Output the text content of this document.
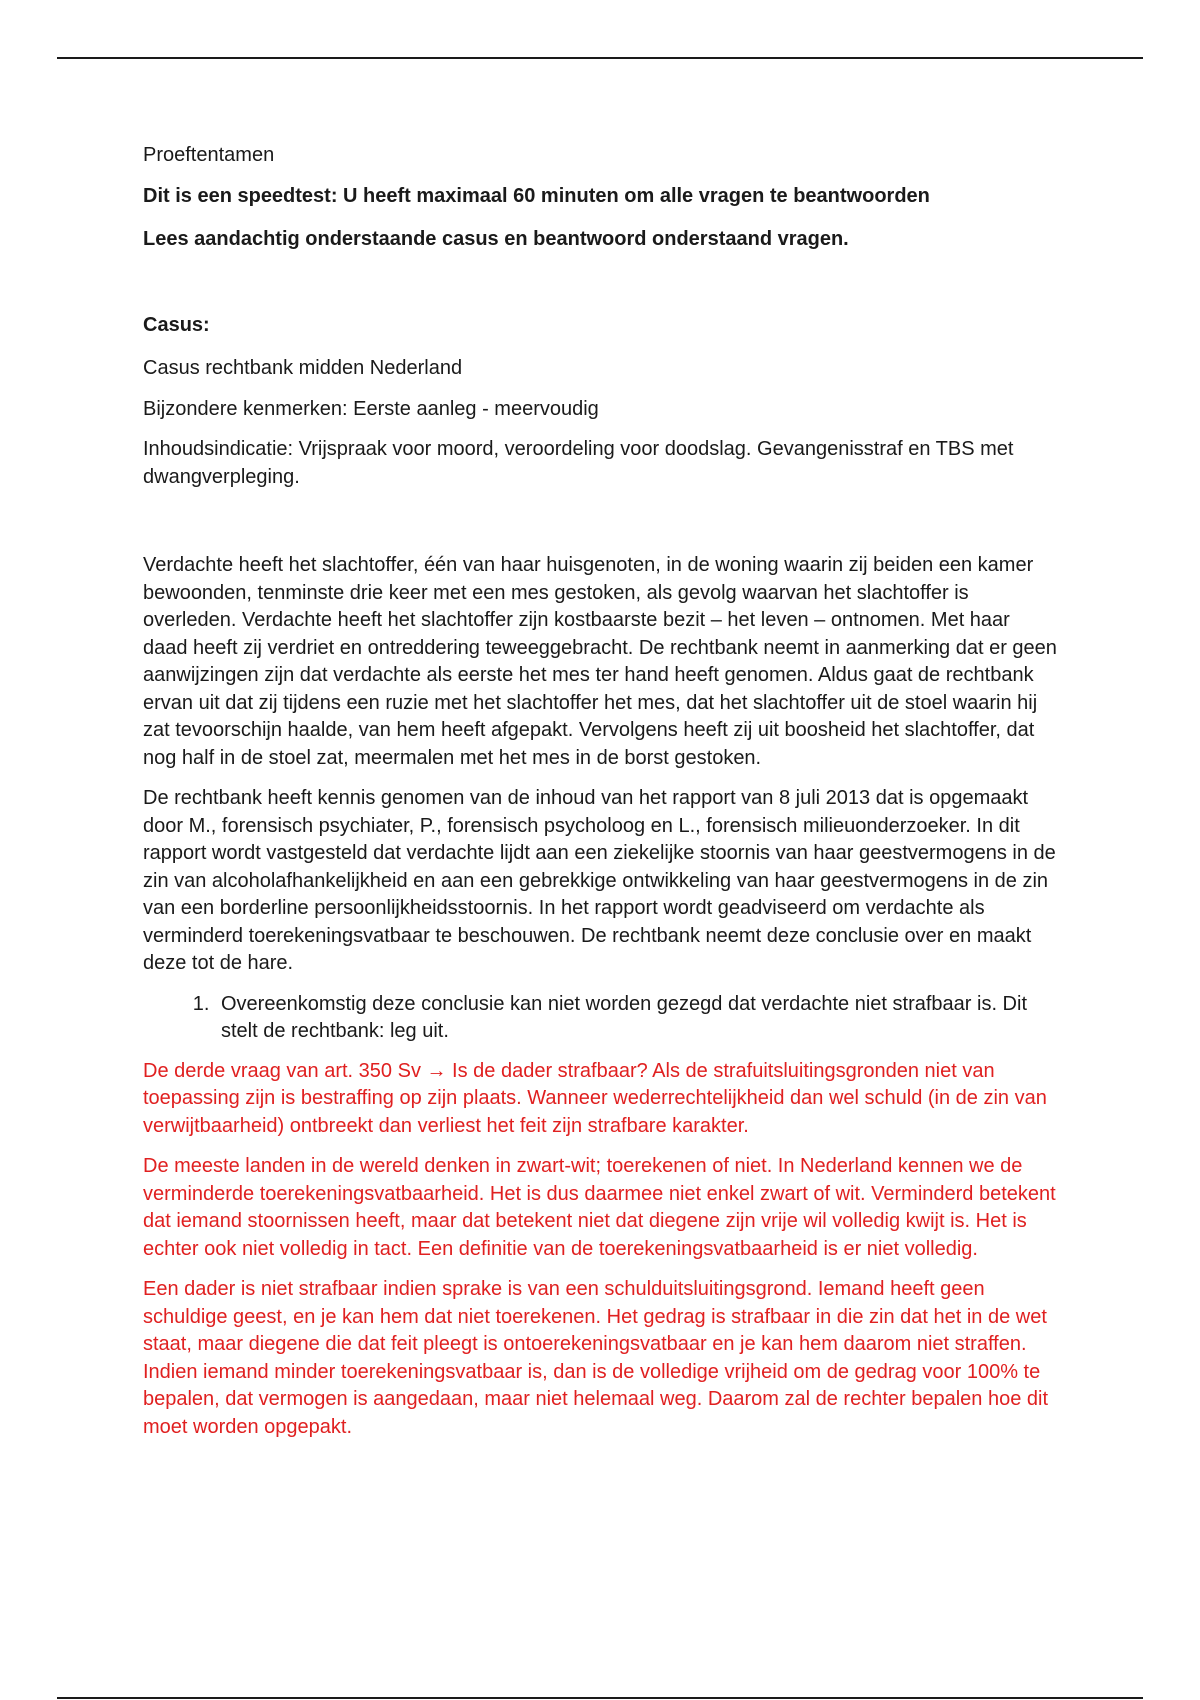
Proeftentamen

Dit is een speedtest: U heeft maximaal 60 minuten om alle vragen te beantwoorden

Lees aandachtig onderstaande casus en beantwoord onderstaand vragen.

Casus:

Casus rechtbank midden Nederland

Bijzondere kenmerken: Eerste aanleg - meervoudig

Inhoudsindicatie: Vrijspraak voor moord, veroordeling voor doodslag. Gevangenisstraf en TBS met dwangverpleging.

Verdachte heeft het slachtoffer, één van haar huisgenoten, in de woning waarin zij beiden een kamer bewoonden, tenminste drie keer met een mes gestoken, als gevolg waarvan het slachtoffer is overleden. Verdachte heeft het slachtoffer zijn kostbaarste bezit – het leven – ontnomen. Met haar daad heeft zij verdriet en ontreddering teweeggebracht. De rechtbank neemt in aanmerking dat er geen aanwijzingen zijn dat verdachte als eerste het mes ter hand heeft genomen. Aldus gaat de rechtbank ervan uit dat zij tijdens een ruzie met het slachtoffer het mes, dat het slachtoffer uit de stoel waarin hij zat tevoorschijn haalde, van hem heeft afgepakt. Vervolgens heeft zij uit boosheid het slachtoffer, dat nog half in de stoel zat, meermalen met het mes in de borst gestoken.

De rechtbank heeft kennis genomen van de inhoud van het rapport van 8 juli 2013 dat is opgemaakt door M., forensisch psychiater, P., forensisch psycholoog en L., forensisch milieuonderzoeker. In dit rapport wordt vastgesteld dat verdachte lijdt aan een ziekelijke stoornis van haar geestvermogens in de zin van alcoholafhankelijkheid en aan een gebrekkige ontwikkeling van haar geestvermogens in de zin van een borderline persoonlijkheidsstoornis. In het rapport wordt geadviseerd om verdachte als verminderd toerekeningsvatbaar te beschouwen. De rechtbank neemt deze conclusie over en maakt deze tot de hare.

1. Overeenkomstig deze conclusie kan niet worden gezegd dat verdachte niet strafbaar is. Dit stelt de rechtbank: leg uit.

De derde vraag van art. 350 Sv → Is de dader strafbaar? Als de strafuitsluitingsgronden niet van toepassing zijn is bestraffing op zijn plaats. Wanneer wederrechtelijkheid dan wel schuld (in de zin van verwijtbaarheid) ontbreekt dan verliest het feit zijn strafbare karakter.

De meeste landen in de wereld denken in zwart-wit; toerekenen of niet. In Nederland kennen we de verminderde toerekeningsvatbaarheid. Het is dus daarmee niet enkel zwart of wit. Verminderd betekent dat iemand stoornissen heeft, maar dat betekent niet dat diegene zijn vrije wil volledig kwijt is. Het is echter ook niet volledig in tact. Een definitie van de toerekeningsvatbaarheid is er niet volledig.

Een dader is niet strafbaar indien sprake is van een schulduitsluitingsgrond. Iemand heeft geen schuldige geest, en je kan hem dat niet toerekenen. Het gedrag is strafbaar in die zin dat het in de wet staat, maar diegene die dat feit pleegt is ontoerekeningsvatbaar en je kan hem daarom niet straffen. Indien iemand minder toerekeningsvatbaar is, dan is de volledige vrijheid om de gedrag voor 100% te bepalen, dat vermogen is aangedaan, maar niet helemaal weg. Daarom zal de rechter bepalen hoe dit moet worden opgepakt.
